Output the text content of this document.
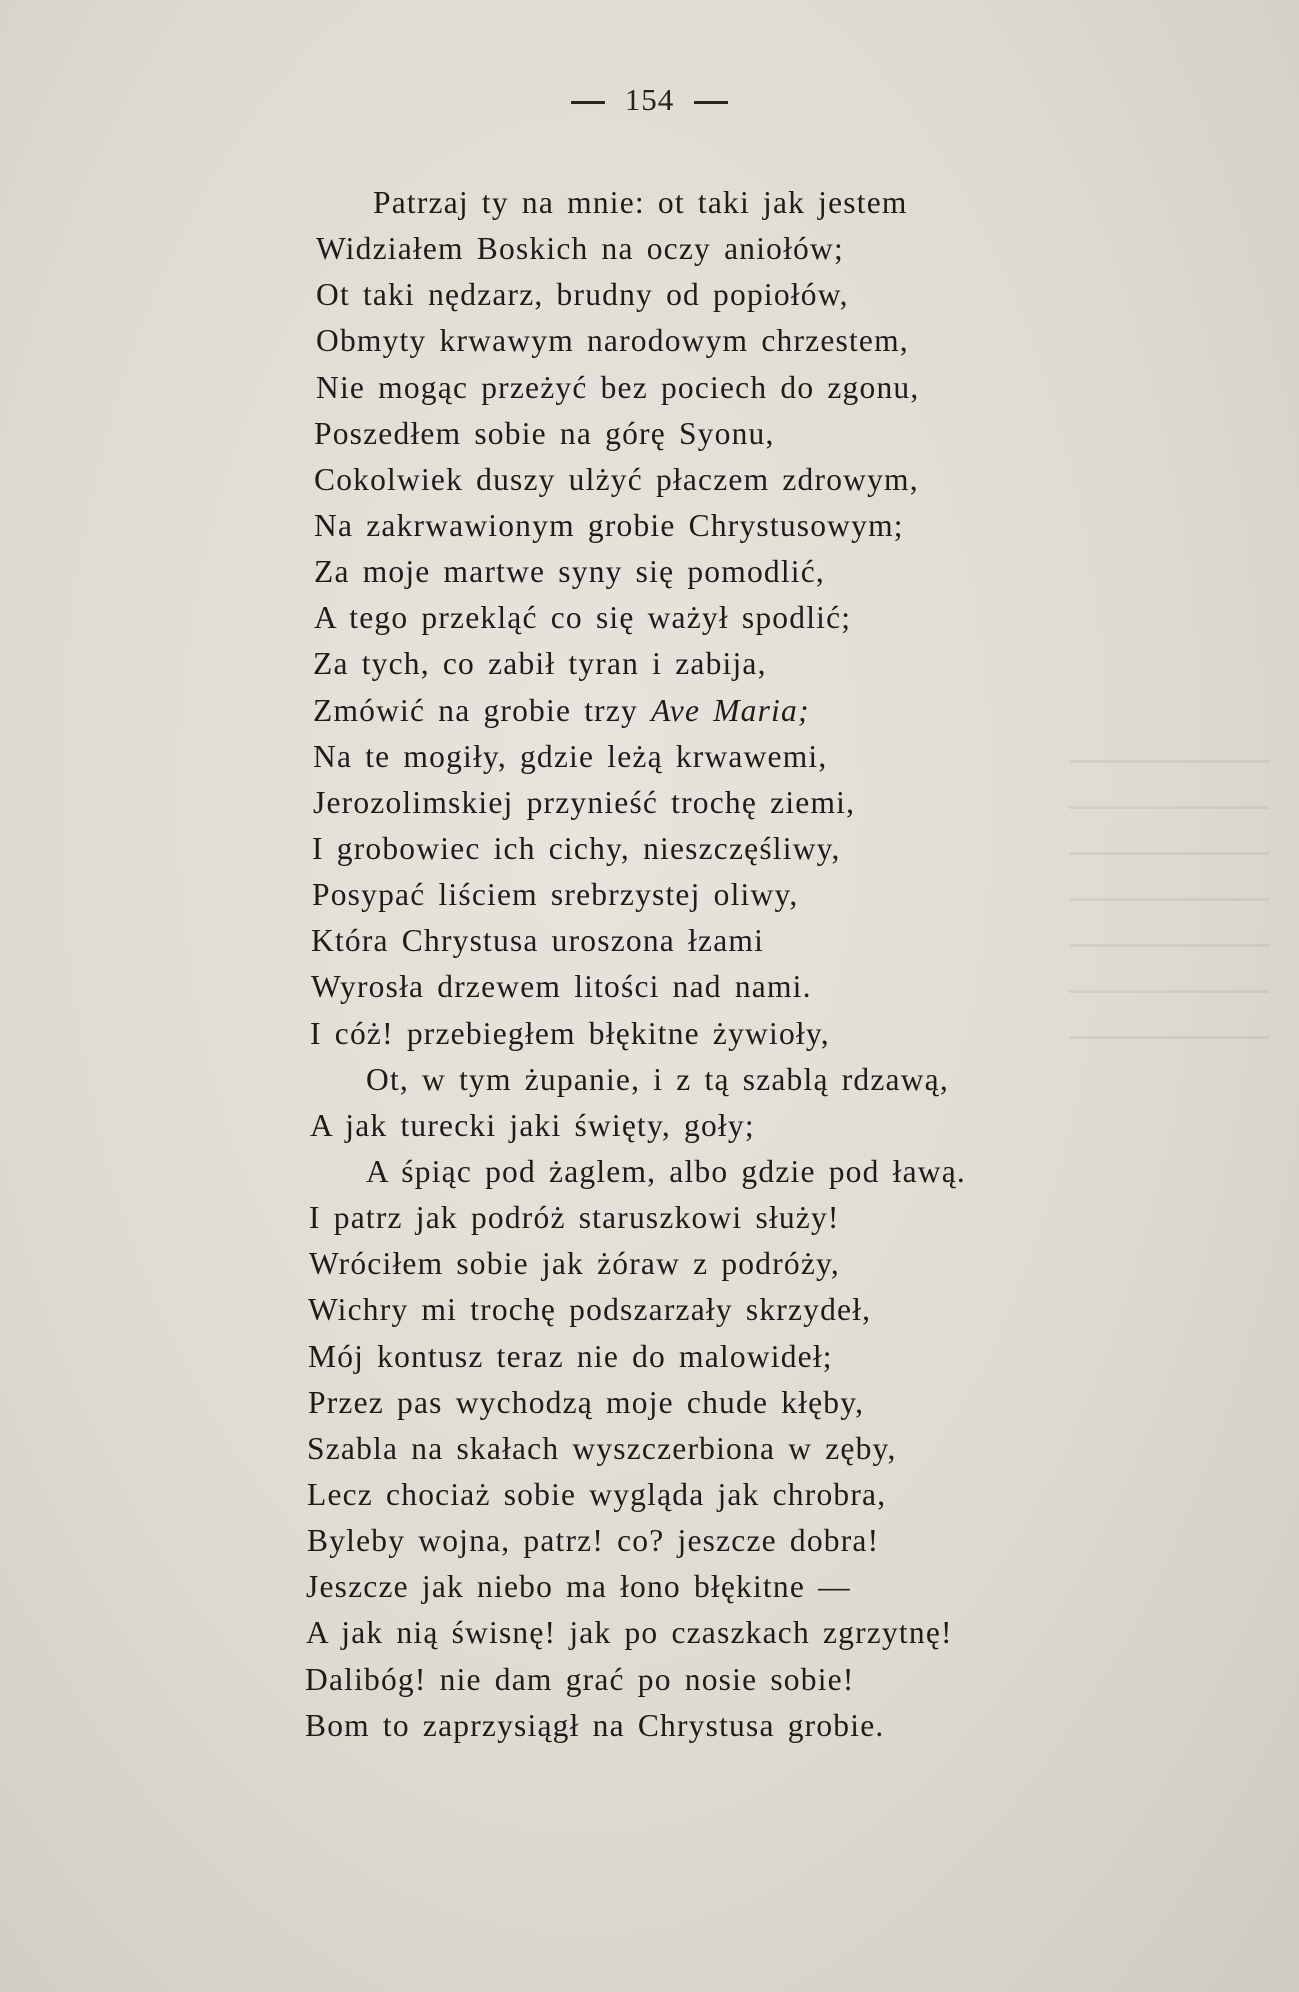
154
Patrzaj ty na mnie: ot taki jak jestem
Widziałem Boskich na oczy aniołów;
Ot taki nędzarz, brudny od popiołów,
Obmyty krwawym narodowym chrzestem,
Nie mogąc przeżyć bez pociech do zgonu,
Poszedłem sobie na górę Syonu,
Cokolwiek duszy ulżyć płaczem zdrowym,
Na zakrwawionym grobie Chrystusowym;
Za moje martwe syny się pomodlić,
A tego przekląć co się ważył spodlić;
Za tych, co zabił tyran i zabija,
Zmówić na grobie trzy Ave Maria;
Na te mogiły, gdzie leżą krwawemi,
Jerozolimskiej przynieść trochę ziemi,
I grobowiec ich cichy, nieszczęśliwy,
Posypać liściem srebrzystej oliwy,
Która Chrystusa uroszona łzami
Wyrosła drzewem litości nad nami.
I cóż! przebiegłem błękitne żywioły,
Ot, w tym żupanie, i z tą szablą rdzawą,
A jak turecki jaki święty, goły;
A śpiąc pod żaglem, albo gdzie pod ławą.
I patrz jak podróż staruszkowi służy!
Wróciłem sobie jak żóraw z podróży,
Wichry mi trochę podszarzały skrzydeł,
Mój kontusz teraz nie do malowideł;
Przez pas wychodzą moje chude kłęby,
Szabla na skałach wyszczerbiona w zęby,
Lecz chociaż sobie wygląda jak chrobra,
Byleby wojna, patrz! co? jeszcze dobra!
Jeszcze jak niebo ma łono błękitne —
A jak nią świsnę! jak po czaszkach zgrzytnę!
Dalibóg! nie dam grać po nosie sobie!
Bom to zaprzysiągł na Chrystusa grobie.
